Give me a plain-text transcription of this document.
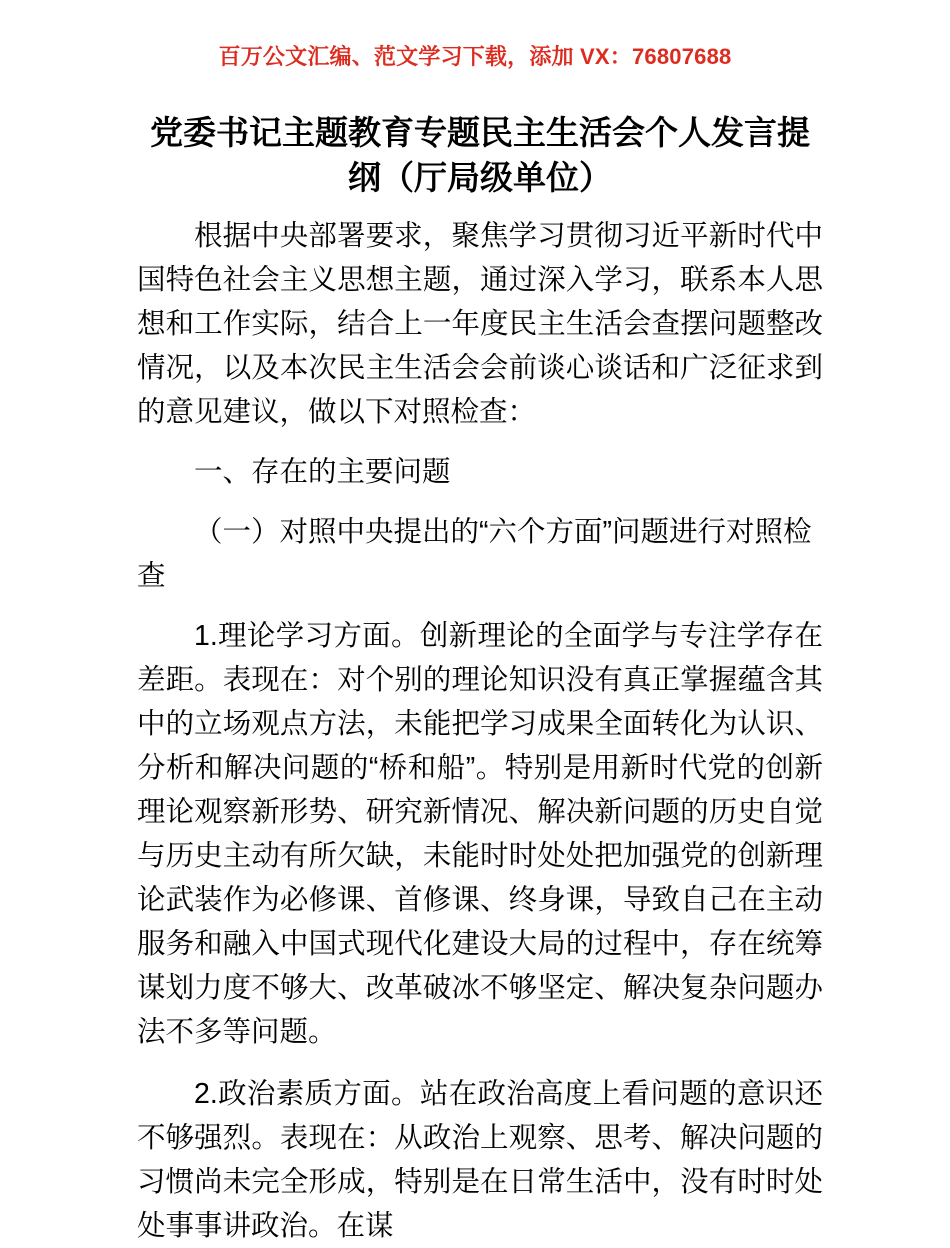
百万公文汇编、范文学习下载，添加 VX：76807688
党委书记主题教育专题民主生活会个人发言提纲（厅局级单位）

根据中央部署要求，聚焦学习贯彻习近平新时代中国特色社会主义思想主题，通过深入学习，联系本人思想和工作实际，结合上一年度民主生活会查摆问题整改情况，以及本次民主生活会会前谈心谈话和广泛征求到的意见建议，做以下对照检查：

一、存在的主要问题

（一）对照中央提出的“六个方面”问题进行对照检查

1.理论学习方面。创新理论的全面学与专注学存在差距。表现在：对个别的理论知识没有真正掌握蕴含其中的立场观点方法，未能把学习成果全面转化为认识、分析和解决问题的“桥和船”。特别是用新时代党的创新理论观察新形势、研究新情况、解决新问题的历史自觉与历史主动有所欠缺，未能时时处处把加强党的创新理论武装作为必修课、首修课、终身课，导致自己在主动服务和融入中国式现代化建设大局的过程中，存在统筹谋划力度不够大、改革破冰不够坚定、解决复杂问题办法不多等问题。

2.政治素质方面。站在政治高度上看问题的意识还不够强烈。表现在：从政治上观察、思考、解决问题的习惯尚未完全形成，特别是在日常生活中，没有时时处处事事讲政治。在谋
